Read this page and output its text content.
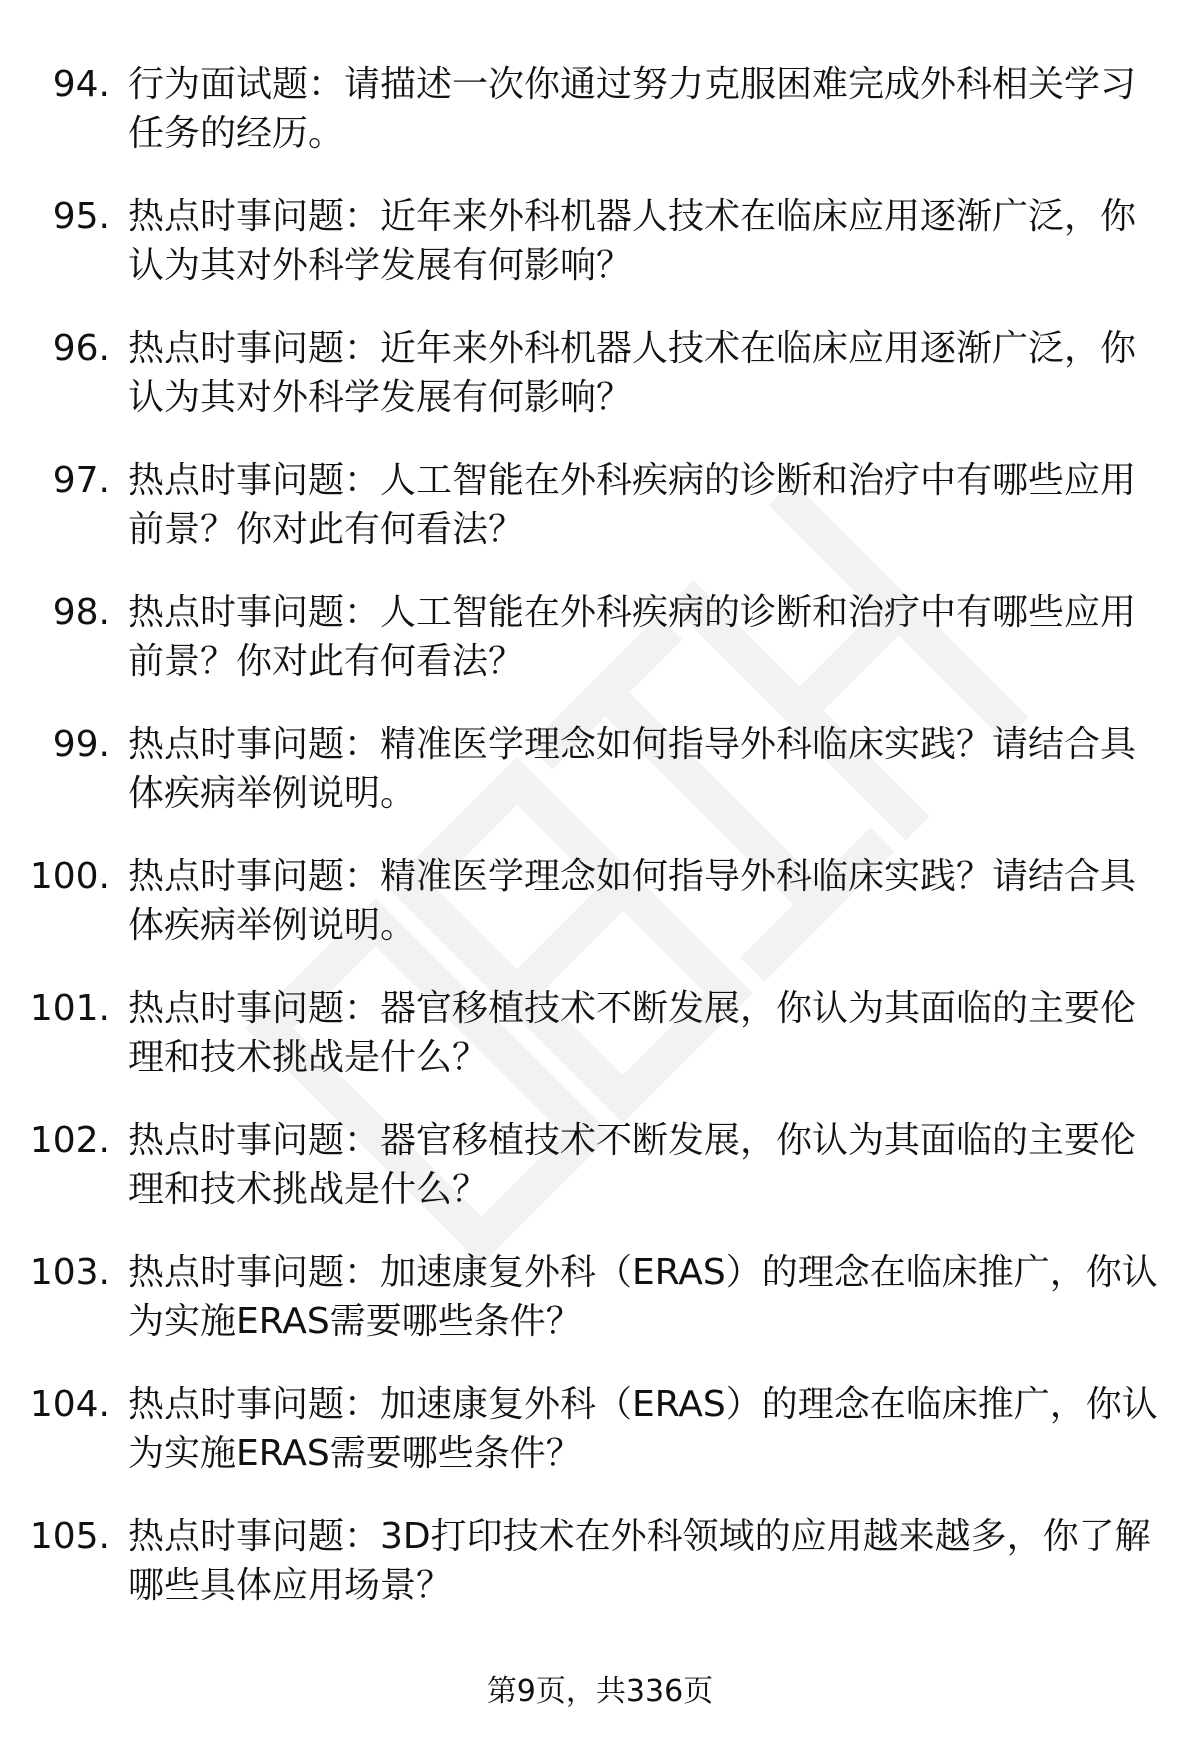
94. 行为面试题：请描述一次你通过努力克服困难完成外科相关学习
任务的经历。
95. 热点时事问题：近年来外科机器人技术在临床应用逐渐广泛，你
认为其对外科学发展有何影响？
96. 热点时事问题：近年来外科机器人技术在临床应用逐渐广泛，你
认为其对外科学发展有何影响？
97. 热点时事问题：人工智能在外科疾病的诊断和治疗中有哪些应用
前景？你对此有何看法？
98. 热点时事问题：人工智能在外科疾病的诊断和治疗中有哪些应用
前景？你对此有何看法？
99. 热点时事问题：精准医学理念如何指导外科临床实践？请结合具
体疾病举例说明。
100. 热点时事问题：精准医学理念如何指导外科临床实践？请结合具
体疾病举例说明。
101. 热点时事问题：器官移植技术不断发展，你认为其面临的主要伦
理和技术挑战是什么？
102. 热点时事问题：器官移植技术不断发展，你认为其面临的主要伦
理和技术挑战是什么？
103. 热点时事问题：加速康复外科（ERAS）的理念在临床推广，你认
为实施ERAS需要哪些条件？
104. 热点时事问题：加速康复外科（ERAS）的理念在临床推广，你认
为实施ERAS需要哪些条件？
105. 热点时事问题：3D打印技术在外科领域的应用越来越多，你了解
哪些具体应用场景？
第9页，共336页
